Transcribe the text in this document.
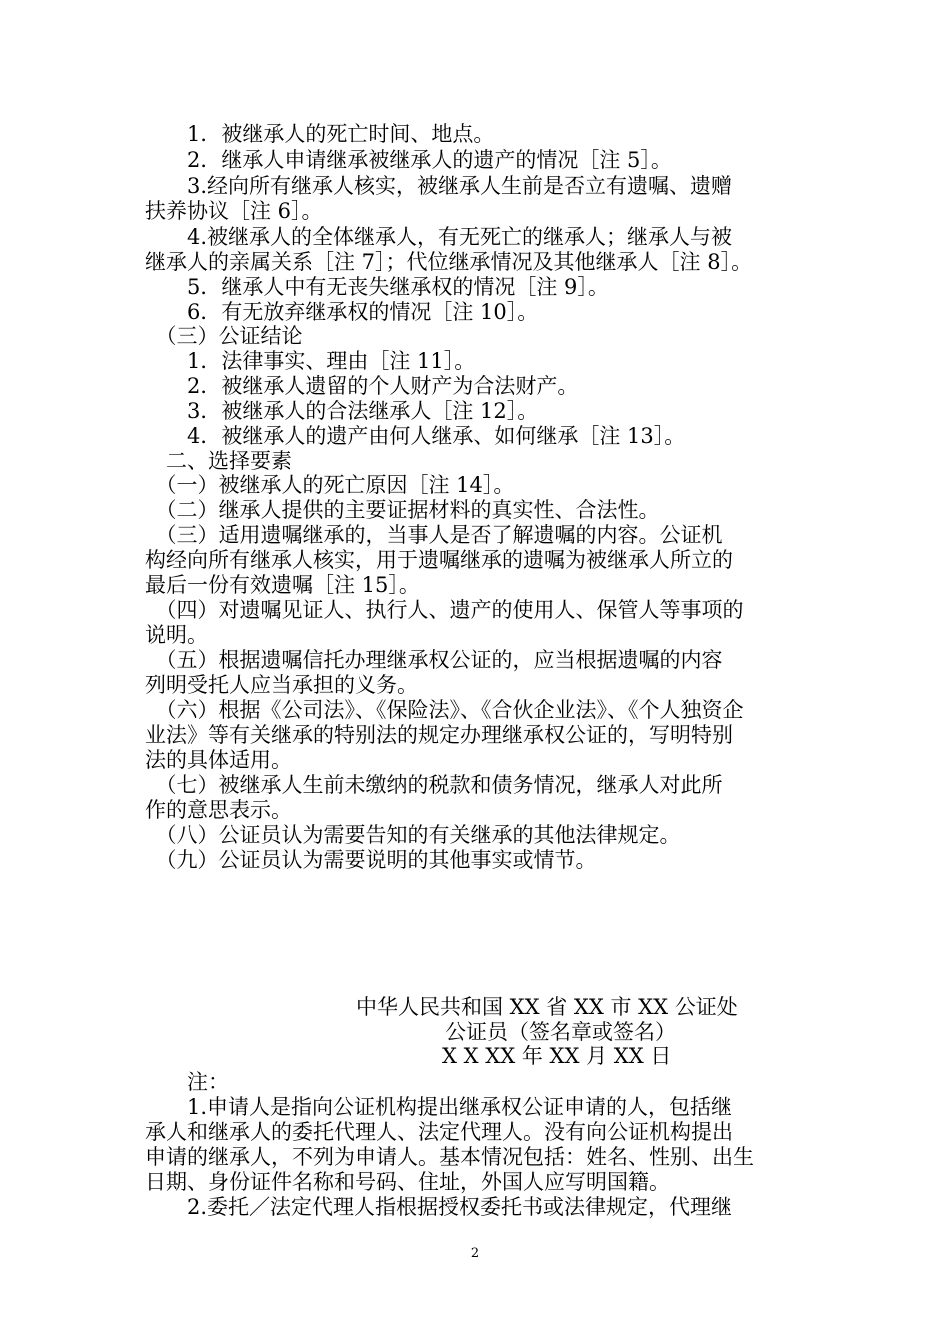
　　1．被继承人的死亡时间、地点。
　　2．继承人申请继承被继承人的遗产的情况［注 5］。
　　3.经向所有继承人核实，被继承人生前是否立有遗嘱、遗赠
扶养协议［注 6］。
　　4.被继承人的全体继承人，有无死亡的继承人；继承人与被
继承人的亲属关系［注 7］；代位继承情况及其他继承人［注 8］。
　　5．继承人中有无丧失继承权的情况［注 9］。
　　6．有无放弃继承权的情况［注 10］。
　（三）公证结论
　　1．法律事实、理由［注 11］。
　　2．被继承人遗留的个人财产为合法财产。
　　3．被继承人的合法继承人［注 12］。
　　4．被继承人的遗产由何人继承、如何继承［注 13］。
　二、选择要素
　（一）被继承人的死亡原因［注 14］。
　（二）继承人提供的主要证据材料的真实性、合法性。
　（三）适用遗嘱继承的，当事人是否了解遗嘱的内容。公证机
构经向所有继承人核实，用于遗嘱继承的遗嘱为被继承人所立的
最后一份有效遗嘱［注 15］。
　（四）对遗嘱见证人、执行人、遗产的使用人、保管人等事项的
说明。
　（五）根据遗嘱信托办理继承权公证的，应当根据遗嘱的内容
列明受托人应当承担的义务。
　（六）根据《公司法》、《保险法》、《合伙企业法》、《个人独资企
业法》等有关继承的特别法的规定办理继承权公证的，写明特别
法的具体适用。
　（七）被继承人生前未缴纳的税款和债务情况，继承人对此所
作的意思表示。
　（八）公证员认为需要告知的有关继承的其他法律规定。
　（九）公证员认为需要说明的其他事实或情节。
中华人民共和国 XX 省 XX 市 XX 公证处
公证员（签名章或签名）
X X XX 年 XX 月 XX 日
　　注：
　　1.申请人是指向公证机构提出继承权公证申请的人，包括继
承人和继承人的委托代理人、法定代理人。没有向公证机构提出
申请的继承人，不列为申请人。基本情况包括：姓名、性别、出生
日期、身份证件名称和号码、住址，外国人应写明国籍。
　　2.委托／法定代理人指根据授权委托书或法律规定，代理继
2
